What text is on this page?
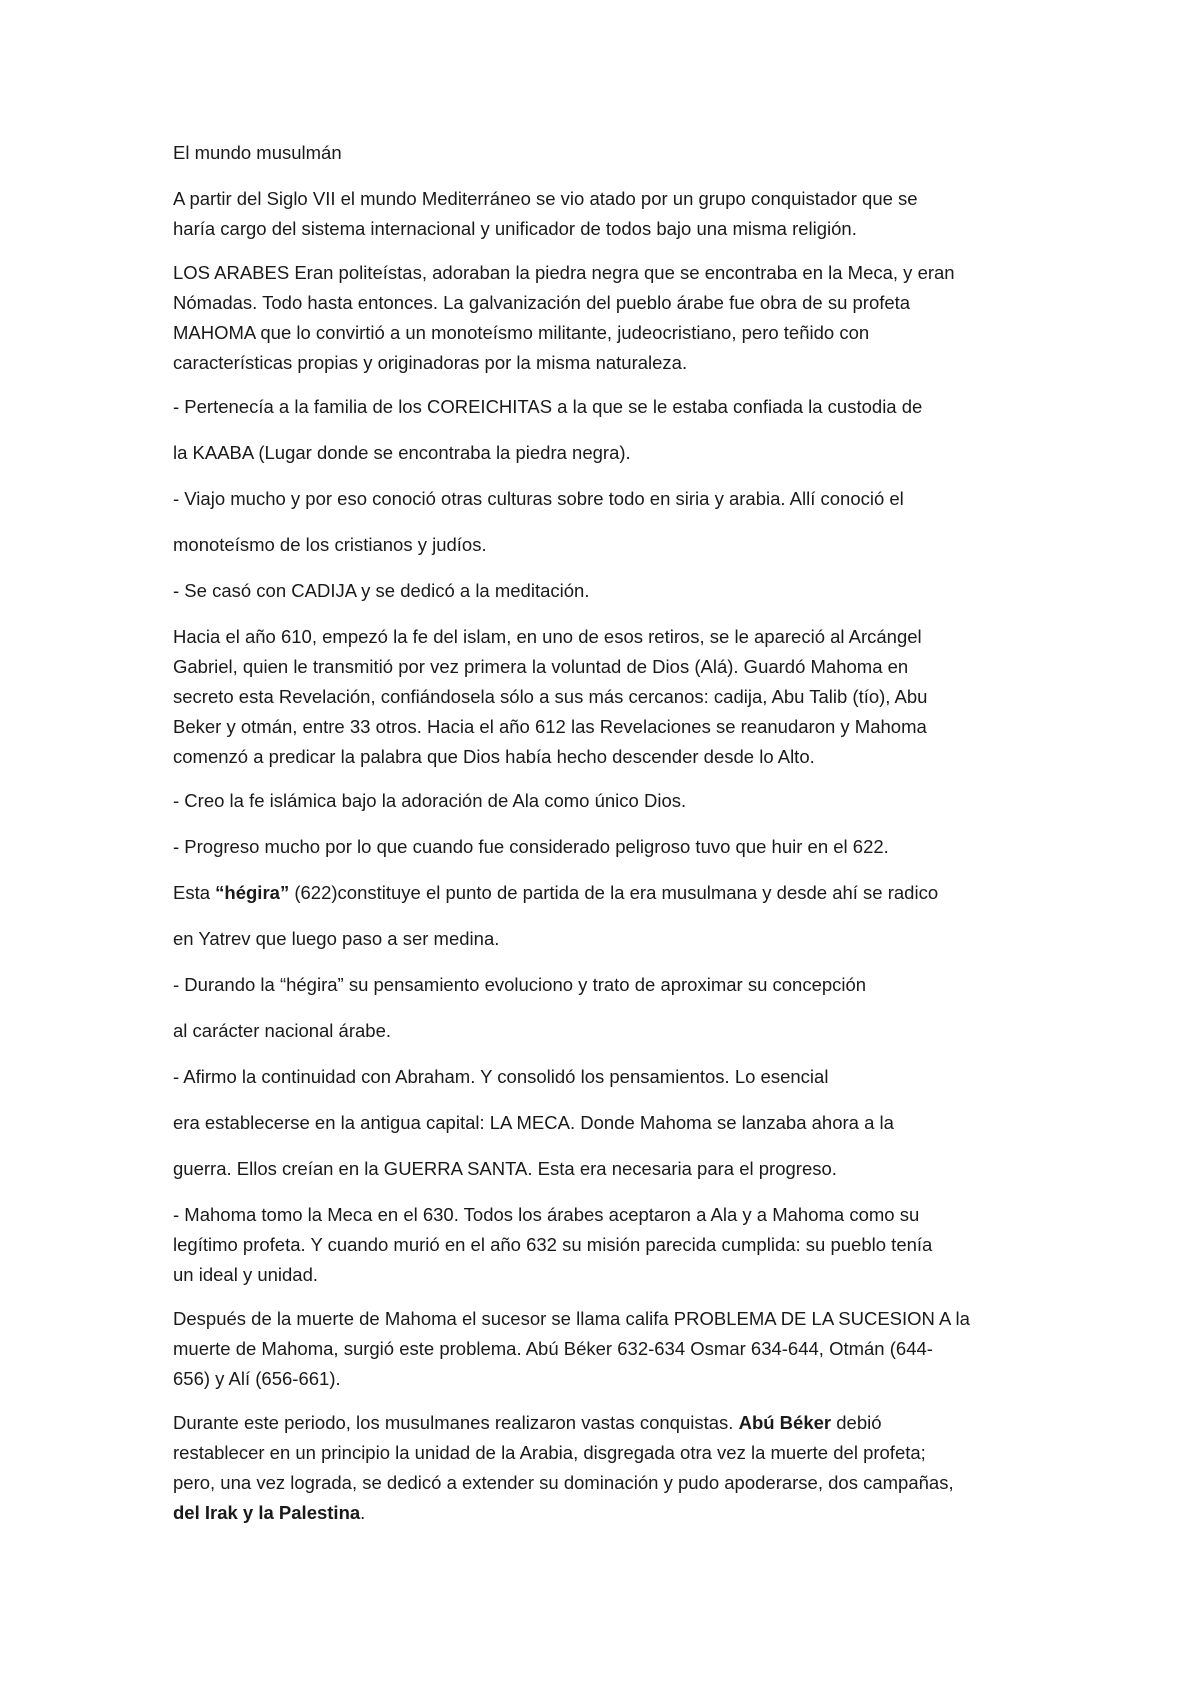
El mundo musulmán
A partir del Siglo VII el mundo Mediterráneo se vio atado por un grupo conquistador que se
haría cargo del sistema internacional y unificador de todos bajo una misma religión.
LOS ARABES Eran politeístas, adoraban la piedra negra que se encontraba en la Meca, y eran
Nómadas. Todo hasta entonces. La galvanización del pueblo árabe fue obra de su profeta
MAHOMA que lo convirtió a un monoteísmo militante, judeocristiano, pero teñido con
características propias y originadoras por la misma naturaleza.
- Pertenecía a la familia de los COREICHITAS a la que se le estaba confiada la custodia de
la KAABA (Lugar donde se encontraba la piedra negra).
- Viajo mucho y por eso conoció otras culturas sobre todo en siria y arabia. Allí conoció el
monoteísmo de los cristianos y judíos.
- Se casó con CADIJA y se dedicó a la meditación.
Hacia el año 610, empezó la fe del islam, en uno de esos retiros, se le apareció al Arcángel
Gabriel, quien le transmitió por vez primera la voluntad de Dios (Alá). Guardó Mahoma en
secreto esta Revelación, confiándosela sólo a sus más cercanos: cadija, Abu Talib (tío), Abu
Beker y otmán, entre 33 otros. Hacia el año 612 las Revelaciones se reanudaron y Mahoma
comenzó a predicar la palabra que Dios había hecho descender desde lo Alto.
- Creo la fe islámica bajo la adoración de Ala como único Dios.
- Progreso mucho por lo que cuando fue considerado peligroso tuvo que huir en el 622.
Esta “hégira” (622)constituye el punto de partida de la era musulmana y desde ahí se radico
en Yatrev que luego paso a ser medina.
- Durando la “hégira” su pensamiento evoluciono y trato de aproximar su concepción
al carácter nacional árabe.
- Afirmo la continuidad con Abraham. Y consolidó los pensamientos. Lo esencial
era establecerse en la antigua capital: LA MECA. Donde Mahoma se lanzaba ahora a la
guerra. Ellos creían en la GUERRA SANTA. Esta era necesaria para el progreso.
- Mahoma tomo la Meca en el 630. Todos los árabes aceptaron a Ala y a Mahoma como su
legítimo profeta. Y cuando murió en el año 632 su misión parecida cumplida: su pueblo tenía
un ideal y unidad.
Después de la muerte de Mahoma el sucesor se llama califa PROBLEMA DE LA SUCESION A la
muerte de Mahoma, surgió este problema. Abú Béker 632-634 Osmar 634-644, Otmán (644-
656) y Alí (656-661).
Durante este periodo, los musulmanes realizaron vastas conquistas. Abú Béker debió
restablecer en un principio la unidad de la Arabia, disgregada otra vez la muerte del profeta;
pero, una vez lograda, se dedicó a extender su dominación y pudo apoderarse, dos campañas,
del Irak y la Palestina.
